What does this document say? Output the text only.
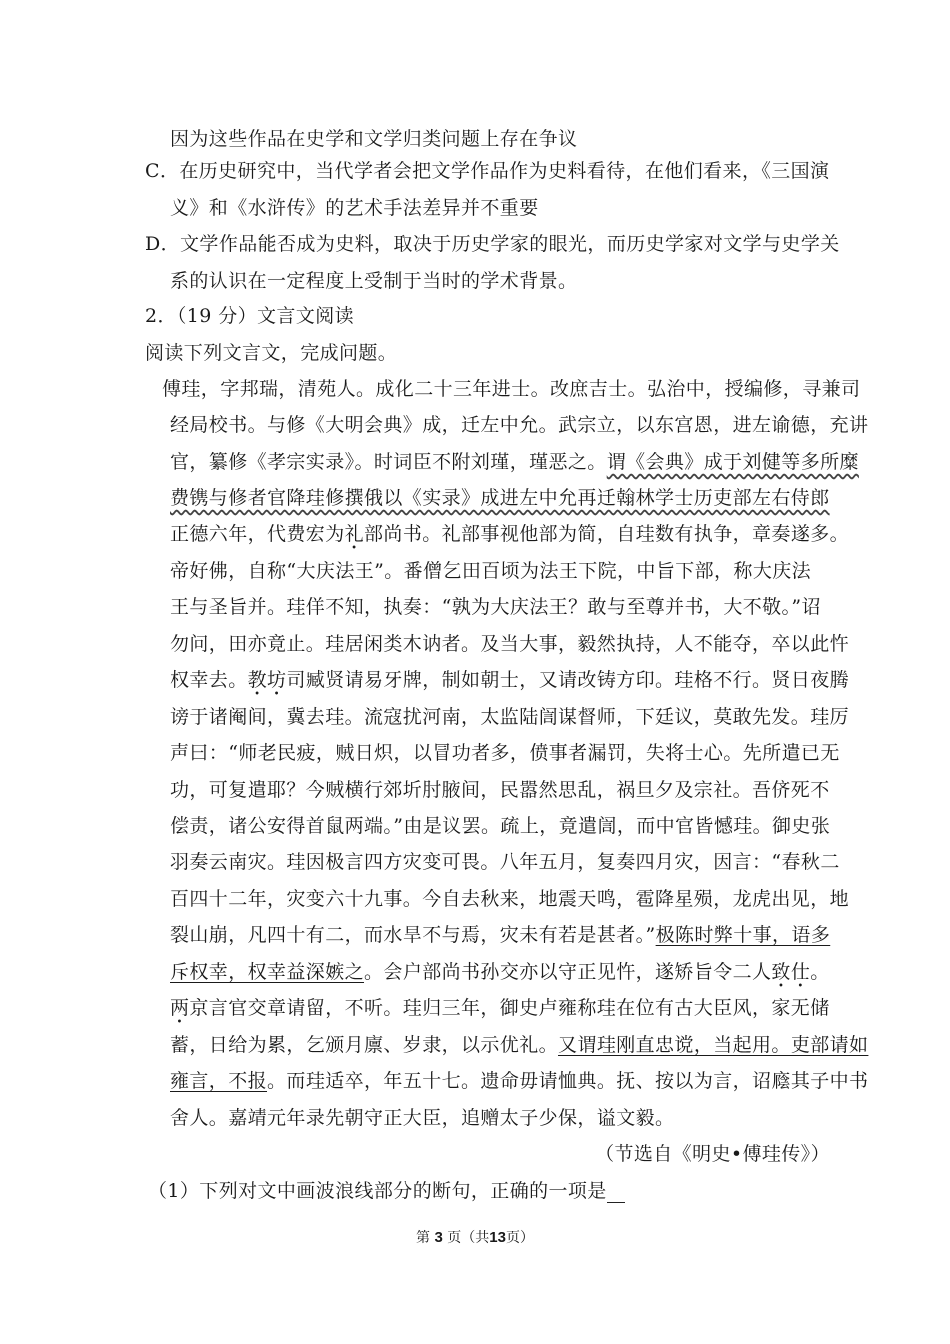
因为这些作品在史学和文学归类问题上存在争议
C．在历史研究中，当代学者会把文学作品作为史料看待，在他们看来，《三国演
义》和《水浒传》的艺术手法差异并不重要
D．文学作品能否成为史料，取决于历史学家的眼光，而历史学家对文学与史学关
系的认识在一定程度上受制于当时的学术背景。
2．（19 分）文言文阅读
阅读下列文言文，完成问题。
傅珪，字邦瑞，清苑人。成化二十三年进士。改庶吉士。弘治中，授编修，寻兼司
经局校书。与修《大明会典》成，迁左中允。武宗立，以东宫恩，进左谕德，充讲
官，纂修《孝宗实录》。时词臣不附刘瑾，瑾恶之。谓《会典》成于刘健等多所糜
费镌与修者官降珪修撰俄以《实录》成进左中允再迁翰林学士历吏部左右侍郎
正德六年，代费宏为礼部尚书。礼部事视他部为简，自珪数有执争，章奏遂多。
帝好佛，自称“大庆法王”。番僧乞田百顷为法王下院，中旨下部，称大庆法
王与圣旨并。珪佯不知，执奏：“孰为大庆法王？敢与至尊并书，大不敬。”诏
勿问，田亦竟止。珪居闲类木讷者。及当大事，毅然执持，人不能夺，卒以此忤
权幸去。教坊司臧贤请易牙牌，制如朝士，又请改铸方印。珪格不行。贤日夜腾
谤于诸阉间，冀去珪。流寇扰河南，太监陆訚谋督师，下廷议，莫敢先发。珪厉
声曰：“师老民疲，贼日炽，以冒功者多，偾事者漏罚，失将士心。先所遣已无
功，可复遣耶？今贼横行郊圻肘腋间，民嚣然思乱，祸旦夕及宗社。吾侪死不
偿责，诸公安得首鼠两端。”由是议罢。疏上，竟遣訚，而中官皆憾珪。御史张
羽奏云南灾。珪因极言四方灾变可畏。八年五月，复奏四月灾，因言：“春秋二
百四十二年，灾变六十九事。今自去秋来，地震天鸣，雹降星殒，龙虎出见，地
裂山崩，凡四十有二，而水旱不与焉，灾未有若是甚者。”极陈时弊十事，语多
斥权幸，权幸益深嫉之。会户部尚书孙交亦以守正见忤，遂矫旨令二人致仕。
两京言官交章请留，不听。珪归三年，御史卢雍称珪在位有古大臣风，家无储
蓄，日给为累，乞颁月廪、岁隶，以示优礼。又谓珪刚直忠谠，当起用。吏部请如
雍言，不报。而珪适卒，年五十七。遗命毋请恤典。抚、按以为言，诏廕其子中书
舍人。嘉靖元年录先朝守正大臣，追赠太子少保，谥文毅。
（节选自《明史•傅珪传》）
（1）下列对文中画波浪线部分的断句，正确的一项是
第 3 页（共13页）
